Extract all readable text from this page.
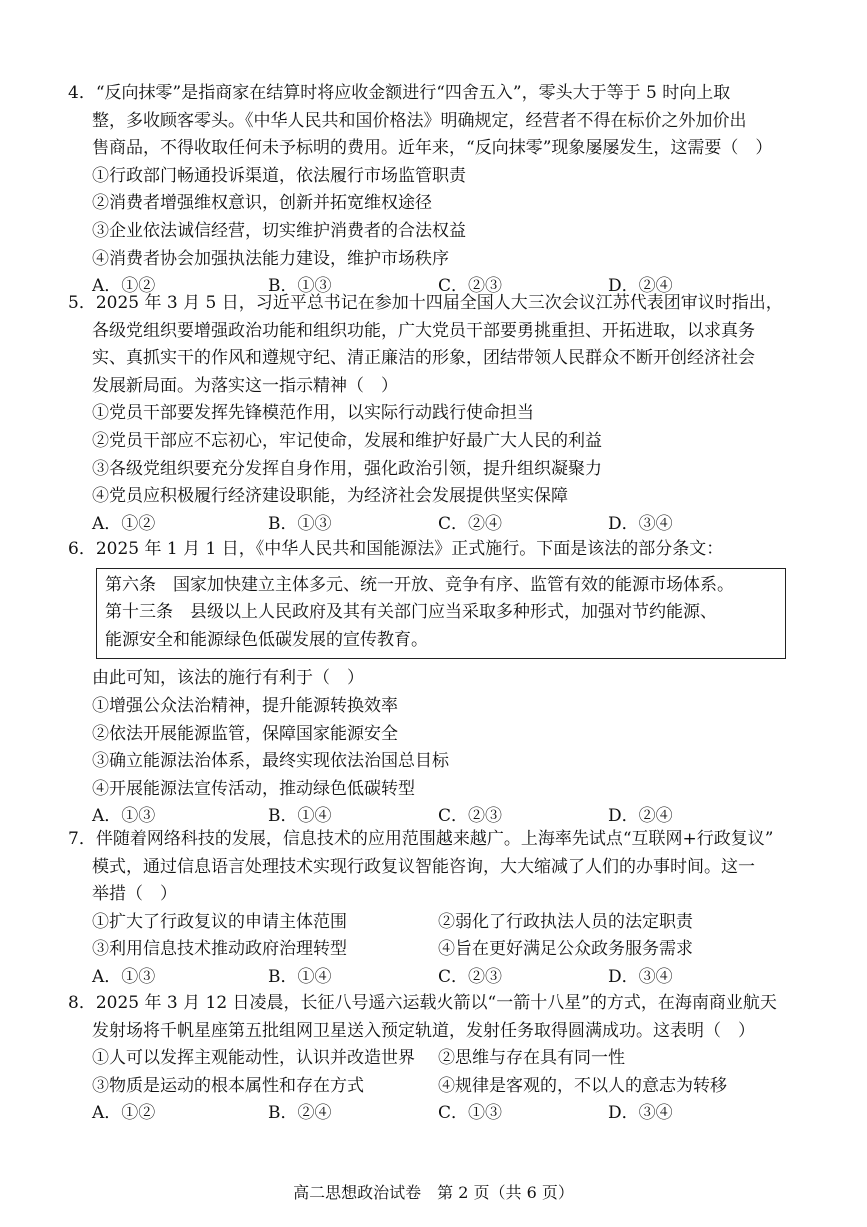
4．“反向抹零”是指商家在结算时将应收金额进行“四舍五入”，零头大于等于 5 时向上取

整，多收顾客零头。《中华人民共和国价格法》明确规定，经营者不得在标价之外加价出

售商品，不得收取任何未予标明的费用。近年来，“反向抹零”现象屡屡发生，这需要（　）

①行政部门畅通投诉渠道，依法履行市场监管职责

②消费者增强维权意识，创新并拓宽维权途径

③企业依法诚信经营，切实维护消费者的合法权益

④消费者协会加强执法能力建设，维护市场秩序

A．①②	B．①③	C．②③	D．②④

5．2025 年 3 月 5 日，习近平总书记在参加十四届全国人大三次会议江苏代表团审议时指出，

各级党组织要增强政治功能和组织功能，广大党员干部要勇挑重担、开拓进取，以求真务

实、真抓实干的作风和遵规守纪、清正廉洁的形象，团结带领人民群众不断开创经济社会

发展新局面。为落实这一指示精神（　）

①党员干部要发挥先锋模范作用，以实际行动践行使命担当

②党员干部应不忘初心，牢记使命，发展和维护好最广大人民的利益

③各级党组织要充分发挥自身作用，强化政治引领，提升组织凝聚力

④党员应积极履行经济建设职能，为经济社会发展提供坚实保障

A．①②	B．①③	C．②④	D．③④

6．2025 年 1 月 1 日，《中华人民共和国能源法》正式施行。下面是该法的部分条文：

第六条　国家加快建立主体多元、统一开放、竞争有序、监管有效的能源市场体系。

第十三条　县级以上人民政府及其有关部门应当采取多种形式，加强对节约能源、

能源安全和能源绿色低碳发展的宣传教育。

由此可知，该法的施行有利于（　）

①增强公众法治精神，提升能源转换效率

②依法开展能源监管，保障国家能源安全

③确立能源法治体系，最终实现依法治国总目标

④开展能源法宣传活动，推动绿色低碳转型

A．①③	B．①④	C．②③	D．②④

7．伴随着网络科技的发展，信息技术的应用范围越来越广。上海率先试点“互联网+行政复议”

模式，通过信息语言处理技术实现行政复议智能咨询，大大缩减了人们的办事时间。这一

举措（　）

①扩大了行政复议的申请主体范围	②弱化了行政执法人员的法定职责
③利用信息技术推动政府治理转型	④旨在更好满足公众政务服务需求
A．①③	B．①④	C．②③	D．③④

8．2025 年 3 月 12 日凌晨，长征八号遥六运载火箭以“一箭十八星”的方式，在海南商业航天

发射场将千帆星座第五批组网卫星送入预定轨道，发射任务取得圆满成功。这表明（　）

①人可以发挥主观能动性，认识并改造世界	②思维与存在具有同一性
③物质是运动的根本属性和存在方式	④规律是客观的，不以人的意志为转移
A．①②	B．②④	C．①③	D．③④
高二思想政治试卷　第 2 页（共 6 页）
